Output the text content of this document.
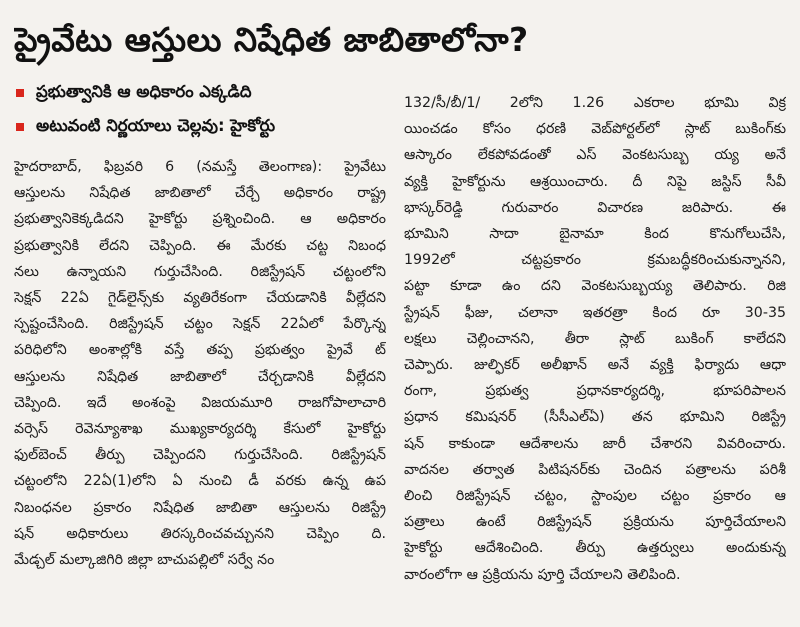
ప్రైవేటు ఆస్తులు నిషేధిత జాబితాలోనా?
ప్రభుత్వానికి ఆ అధికారం ఎక్కడిది
అటువంటి నిర్ణయాలు చెల్లవు: హైకోర్టు
హైదరాబాద్, ఫిబ్రవరి 6 (నమస్తే తెలంగాణ): ప్రైవేటు
ఆస్తులను నిషేధిత జాబితాలో చేర్చే అధికారం రాష్ట్ర
ప్రభుత్వానికెక్కడిదని హైకోర్టు ప్రశ్నించింది. ఆ అధికారం
ప్రభుత్వానికి లేదని చెప్పింది. ఈ మేరకు చట్ట నిబంధ
నలు ఉన్నాయని గుర్తుచేసింది. రిజిస్ట్రేషన్ చట్టంలోని
సెక్షన్ 22ఏ గైడ్‌లైన్స్‌కు వ్యతిరేకంగా చేయడానికి వీల్లేదని
స్పష్టంచేసింది. రిజిస్ట్రేషన్ చట్టం సెక్షన్ 22ఏలో పేర్కొన్న
పరిధిలోని అంశాల్లోకి వస్తే తప్ప ప్రభుత్వం ప్రైవే ట్
ఆస్తులను నిషేధిత జాబితాలో చేర్చడానికి వీల్లేదని
చెప్పింది. ఇదే అంశంపై విజయమూరి రాజగోపాలాచారి
వర్సెస్ రెవెన్యూశాఖ ముఖ్యకార్యదర్శి కేసులో హైకోర్టు
ఫుల్‌బెంచ్ తీర్పు చెప్పిందని గుర్తుచేసింది. రిజిస్ట్రేషన్
చట్టంలోని 22ఏ(1)లోని ఏ నుంచి డీ వరకు ఉన్న ఉప
నిబంధనల ప్రకారం నిషేధిత జాబితా ఆస్తులను రిజిస్ట్రే
షన్ అధికారులు తిరస్కరించవచ్చునని చెప్పిం ది.
మేడ్చల్ మల్కాజిగిరి జిల్లా బాచుపల్లిలో సర్వే నం
132/సీ/బీ/1/ 2లోని 1.26 ఎకరాల భూమి విక్ర
యించడం కోసం ధరణి వెబ్‌పోర్టల్‌లో స్లాట్ బుకింగ్‌కు
ఆస్కారం లేకపోవడంతో ఎస్ వెంకటసుబ్బ య్య అనే
వ్యక్తి హైకోర్టును ఆశ్రయించారు. దీ నిపై జస్టిస్ సీవీ
భాస్కర్‌రెడ్డి గురువారం విచారణ జరిపారు. ఈ
భూమిని సాదా బైనామా కింద కొనుగోలుచేసి,
1992లో చట్టప్రకారం క్రమబద్ధీకరించుకున్నానని,
పట్టా కూడా ఉం దని వెంకటసుబ్బయ్య తెలిపారు. రిజి
స్ట్రేషన్ ఫీజు, చలానా ఇతరత్రా కింద రూ 30-35
లక్షలు చెల్లించానని, తీరా స్లాట్ బుకింగ్ కాలేదని
చెప్పారు. జుల్ఫికర్ అలీఖాన్ అనే వ్యక్తి ఫిర్యాదు ఆధా
రంగా, ప్రభుత్వ ప్రధానకార్యదర్శి, భూపరిపాలన
ప్రధాన కమిషనర్ (సీసీఎల్ఏ) తన భూమిని రిజిస్ట్రే
షన్ కాకుండా ఆదేశాలను జారీ చేశారని వివరించారు.
వాదనల తర్వాత పిటిషనర్‌కు చెందిన పత్రాలను పరిశీ
లించి రిజిస్ట్రేషన్ చట్టం, స్టాంపుల చట్టం ప్రకారం ఆ
పత్రాలు ఉంటే రిజిస్ట్రేషన్ ప్రక్రియను పూర్తిచేయాలని
హైకోర్టు ఆదేశించింది. తీర్పు ఉత్తర్వులు అందుకున్న
వారంలోగా ఆ ప్రక్రియను పూర్తి చేయాలని తెలిపింది.
